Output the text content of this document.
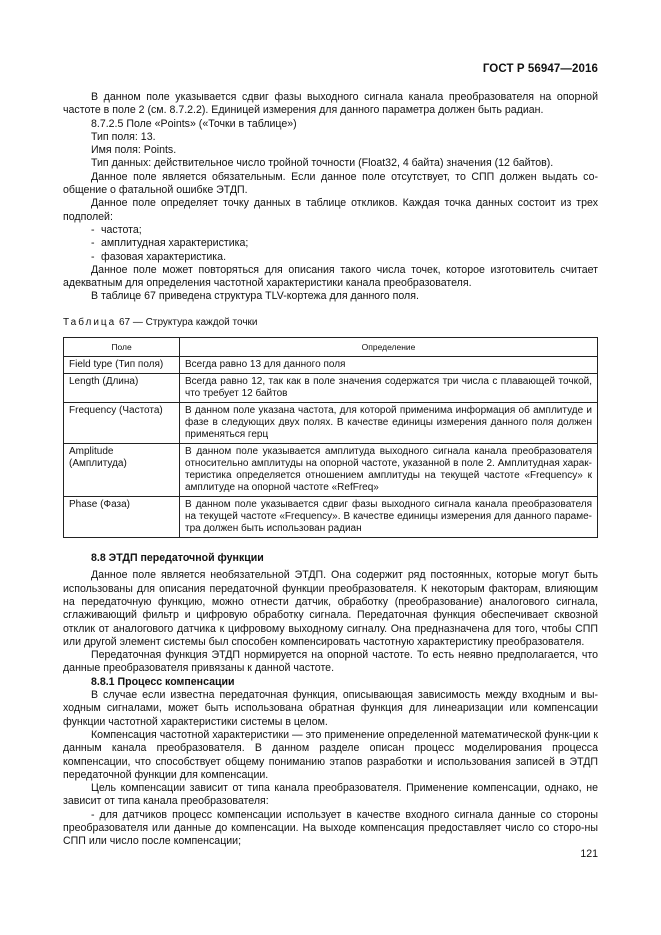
ГОСТ Р 56947—2016

В данном поле указывается сдвиг фазы выходного сигнала канала преобразователя на опорной частоте в поле 2 (см. 8.7.2.2). Единицей измерения для данного параметра должен быть радиан.

8.7.2.5 Поле «Points» («Точки в таблице»)

Тип поля: 13.

Имя поля: Points.

Тип данных: действительное число тройной точности (Float32, 4 байта) значения (12 байтов).

Данное поле является обязательным. Если данное поле отсутствует, то СПП должен выдать со-общение о фатальной ошибке ЭТДП.

Данное поле определяет точку данных в таблице откликов. Каждая точка данных состоит из трех подполей:

- частота;

- амплитудная характеристика;

- фазовая характеристика.

Данное поле может повторяться для описания такого числа точек, которое изготовитель считает адекватным для определения частотной характеристики канала преобразователя.

В таблице 67 приведена структура TLV-кортежа для данного поля.

Таблица 67 — Структура каждой точки
Поле	Определение
Field type (Тип поля)	Всегда равно 13 для данного поля
Length (Длина)	Всегда равно 12, так как в поле значения содержатся три числа с плавающей точкой, что требует 12 байтов
Frequency (Частота)	В данном поле указана частота, для которой применима информация об амплитуде и фазе в следующих двух полях. В качестве единицы измерения данного поля должен применяться герц
Amplitude (Амплитуда)	В данном поле указывается амплитуда выходного сигнала канала преобразователя относительно амплитуды на опорной частоте, указанной в поле 2. Амплитудная харак-теристика определяется отношением амплитуды на текущей частоте «Frequency» к амплитуде на опорной частоте «RefFreq»
Phase (Фаза)	В данном поле указывается сдвиг фазы выходного сигнала канала преобразователя на текущей частоте «Frequency». В качестве единицы измерения для данного параме-тра должен быть использован радиан

8.8 ЭТДП передаточной функции

Данное поле является необязательной ЭТДП. Она содержит ряд постоянных, которые могут быть использованы для описания передаточной функции преобразователя. К некоторым факторам, влияющим на передаточную функцию, можно отнести датчик, обработку (преобразование) аналогового сигнала, сглаживающий фильтр и цифровую обработку сигнала. Передаточная функция обеспечивает сквозной отклик от аналогового датчика к цифровому выходному сигналу. Она предназначена для того, чтобы СПП или другой элемент системы был способен компенсировать частотную характеристику преобразователя.

Передаточная функция ЭТДП нормируется на опорной частоте. То есть неявно предполагается, что данные преобразователя привязаны к данной частоте.

8.8.1 Процесс компенсации

В случае если известна передаточная функция, описывающая зависимость между входным и вы-ходным сигналами, может быть использована обратная функция для линеаризации или компенсации функции частотной характеристики системы в целом.

Компенсация частотной характеристики — это применение определенной математической функ-ции к данным канала преобразователя. В данном разделе описан процесс моделирования процесса компенсации, что способствует общему пониманию этапов разработки и использования записей в ЭТДП передаточной функции для компенсации.

Цель компенсации зависит от типа канала преобразователя. Применение компенсации, однако, не зависит от типа канала преобразователя:

- для датчиков процесс компенсации использует в качестве входного сигнала данные со стороны преобразователя или данные до компенсации. На выходе компенсация предоставляет число со сторо-ны СПП или число после компенсации;

121
